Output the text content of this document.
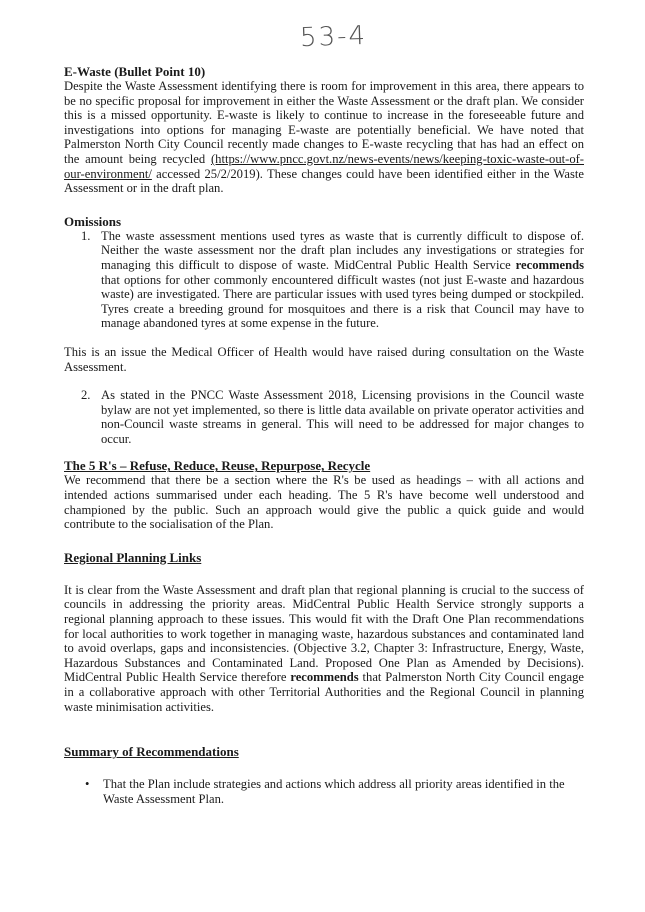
53-4
E-Waste (Bullet Point 10)

Despite the Waste Assessment identifying there is room for improvement in this area, there appears to be no specific proposal for improvement in either the Waste Assessment or the draft plan. We consider this is a missed opportunity. E-waste is likely to continue to increase in the foreseeable future and investigations into options for managing E-waste are potentially beneficial. We have noted that Palmerston North City Council recently made changes to E-waste recycling that has had an effect on the amount being recycled (https://www.pncc.govt.nz/news-events/news/keeping-toxic-waste-out-of-our-environment/ accessed 25/2/2019). These changes could have been identified either in the Waste Assessment or in the draft plan.

Omissions
1. The waste assessment mentions used tyres as waste that is currently difficult to dispose of. Neither the waste assessment nor the draft plan includes any investigations or strategies for managing this difficult to dispose of waste. MidCentral Public Health Service recommends that options for other commonly encountered difficult wastes (not just E-waste and hazardous waste) are investigated. There are particular issues with used tyres being dumped or stockpiled. Tyres create a breeding ground for mosquitoes and there is a risk that Council may have to manage abandoned tyres at some expense in the future.

This is an issue the Medical Officer of Health would have raised during consultation on the Waste Assessment.

2. As stated in the PNCC Waste Assessment 2018, Licensing provisions in the Council waste bylaw are not yet implemented, so there is little data available on private operator activities and non-Council waste streams in general. This will need to be addressed for major changes to occur.
The 5 R's – Refuse, Reduce, Reuse, Repurpose, Recycle

We recommend that there be a section where the R's be used as headings – with all actions and intended actions summarised under each heading. The 5 R's have become well understood and championed by the public. Such an approach would give the public a quick guide and would contribute to the socialisation of the Plan.

Regional Planning Links

It is clear from the Waste Assessment and draft plan that regional planning is crucial to the success of councils in addressing the priority areas. MidCentral Public Health Service strongly supports a regional planning approach to these issues. This would fit with the Draft One Plan recommendations for local authorities to work together in managing waste, hazardous substances and contaminated land to avoid overlaps, gaps and inconsistencies. (Objective 3.2, Chapter 3: Infrastructure, Energy, Waste, Hazardous Substances and Contaminated Land. Proposed One Plan as Amended by Decisions). MidCentral Public Health Service therefore recommends that Palmerston North City Council engage in a collaborative approach with other Territorial Authorities and the Regional Council in planning waste minimisation activities.

Summary of Recommendations
• That the Plan include strategies and actions which address all priority areas identified in the Waste Assessment Plan.
